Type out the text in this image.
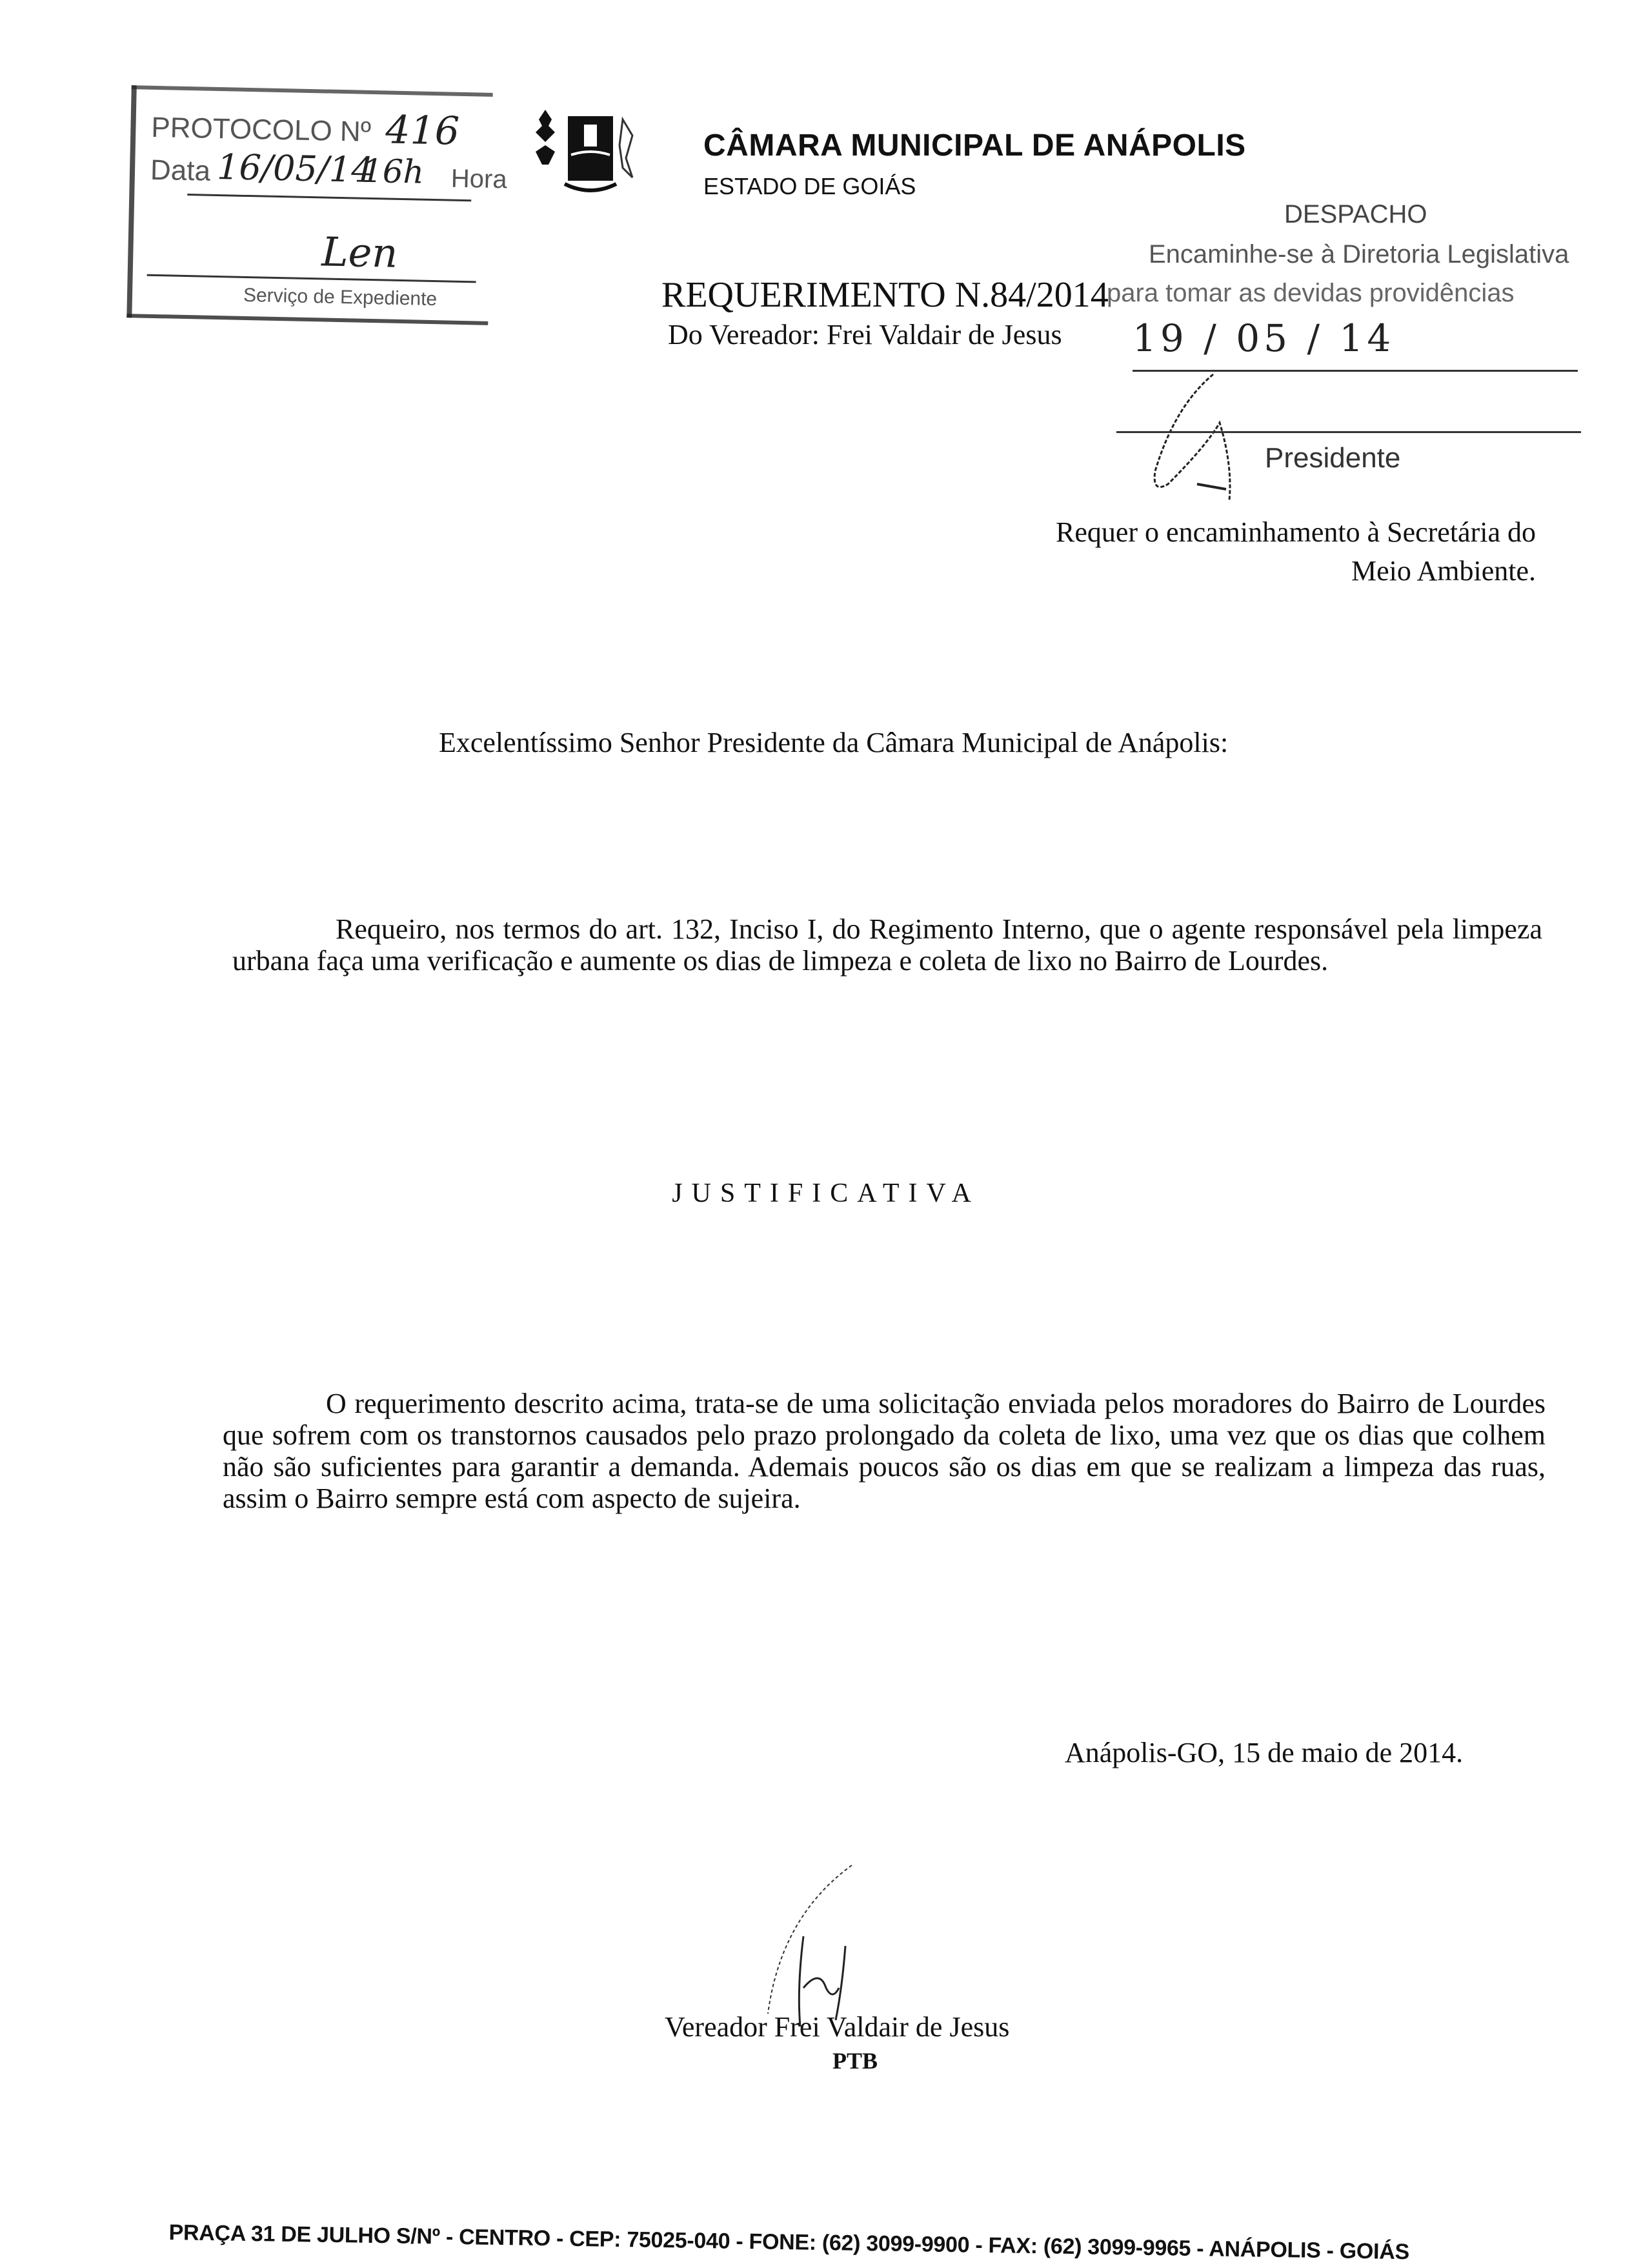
PROTOCOLO Nº 416
Data 16/05/14
16h Hora
Len
Serviço de Expediente
CÂMARA MUNICIPAL DE ANÁPOLIS
ESTADO DE GOIÁS
REQUERIMENTO N.84/2014
Do Vereador: Frei Valdair de Jesus
DESPACHO
Encaminhe-se à Diretoria Legislativa
para tomar as devidas providências
19 / 05 / 14
Presidente
Requer o encaminhamento à Secretária do
Meio Ambiente.
Excelentíssimo Senhor Presidente da Câmara Municipal de Anápolis:
Requeiro, nos termos do art. 132, Inciso I, do Regimento Interno, que o agente responsável pela limpeza urbana faça uma verificação e aumente os dias de limpeza e coleta de lixo no Bairro de Lourdes.
JUSTIFICATIVA
O requerimento descrito acima, trata-se de uma solicitação enviada pelos moradores do Bairro de Lourdes que sofrem com os transtornos causados pelo prazo prolongado da coleta de lixo, uma vez que os dias que colhem não são suficientes para garantir a demanda. Ademais poucos são os dias em que se realizam a limpeza das ruas, assim o Bairro sempre está com aspecto de sujeira.
Anápolis-GO, 15 de maio de 2014.
Vereador Frei Valdair de Jesus
PTB
PRAÇA 31 DE JULHO S/Nº - CENTRO - CEP: 75025-040 - FONE: (62) 3099-9900 - FAX: (62) 3099-9965 - ANÁPOLIS - GOIÁS
